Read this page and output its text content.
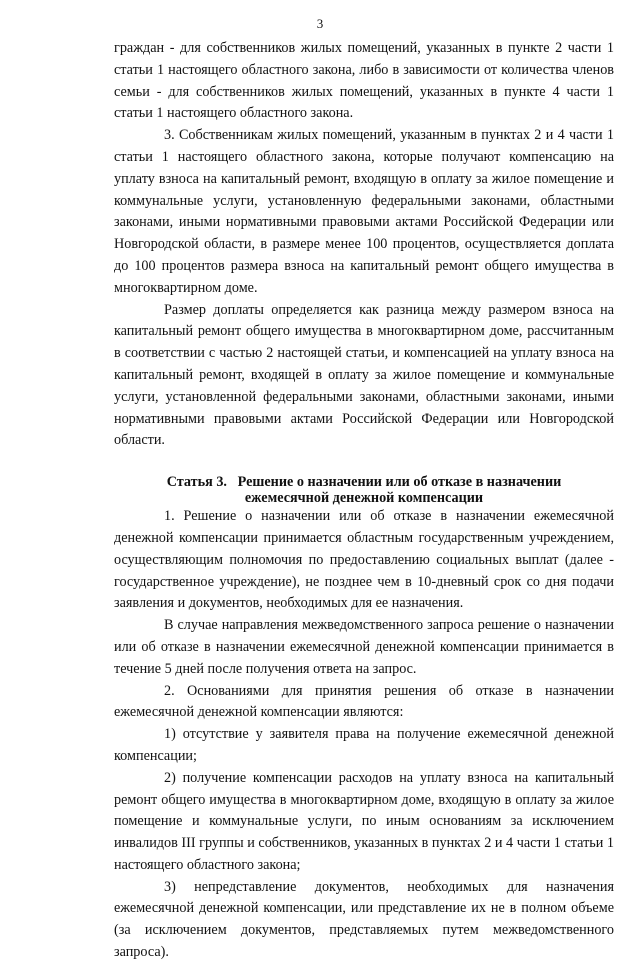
3

граждан - для собственников жилых помещений, указанных в пункте 2 части 1 статьи 1 настоящего областного закона, либо в зависимости от количества членов семьи - для собственников жилых помещений, указанных в пункте 4 части 1 статьи 1 настоящего областного закона.

3. Собственникам жилых помещений, указанным в пунктах 2 и 4 части 1 статьи 1 настоящего областного закона, которые получают компенсацию на уплату взноса на капитальный ремонт, входящую в оплату за жилое помещение и коммунальные услуги, установленную федеральными законами, областными законами, иными нормативными правовыми актами Российской Федерации или Новгородской области, в размере менее 100 процентов, осуществляется доплата до 100 процентов размера взноса на капитальный ремонт общего имущества в многоквартирном доме.

Размер доплаты определяется как разница между размером взноса на капитальный ремонт общего имущества в многоквартирном доме, рассчитанным в соответствии с частью 2 настоящей статьи, и компенсацией на уплату взноса на капитальный ремонт, входящей в оплату за жилое помещение и коммунальные услуги, установленной федеральными законами, областными законами, иными нормативными правовыми актами Российской Федерации или Новгородской области.

Статья 3. Решение о назначении или об отказе в назначении
ежемесячной денежной компенсации

1. Решение о назначении или об отказе в назначении ежемесячной денежной компенсации принимается областным государственным учреждением, осуществляющим полномочия по предоставлению социальных выплат (далее - государственное учреждение), не позднее чем в 10-дневный срок со дня подачи заявления и документов, необходимых для ее назначения.

В случае направления межведомственного запроса решение о назначении или об отказе в назначении ежемесячной денежной компенсации принимается в течение 5 дней после получения ответа на запрос.

2. Основаниями для принятия решения об отказе в назначении ежемесячной денежной компенсации являются:

1) отсутствие у заявителя права на получение ежемесячной денежной компенсации;

2) получение компенсации расходов на уплату взноса на капитальный ремонт общего имущества в многоквартирном доме, входящую в оплату за жилое помещение и коммунальные услуги, по иным основаниям за исключением инвалидов III группы и собственников, указанных в пунктах 2 и 4 части 1 статьи 1 настоящего областного закона;

3) непредставление документов, необходимых для назначения ежемесячной денежной компенсации, или представление их не в полном объеме (за исключением документов, представляемых путем межведомственного запроса).
